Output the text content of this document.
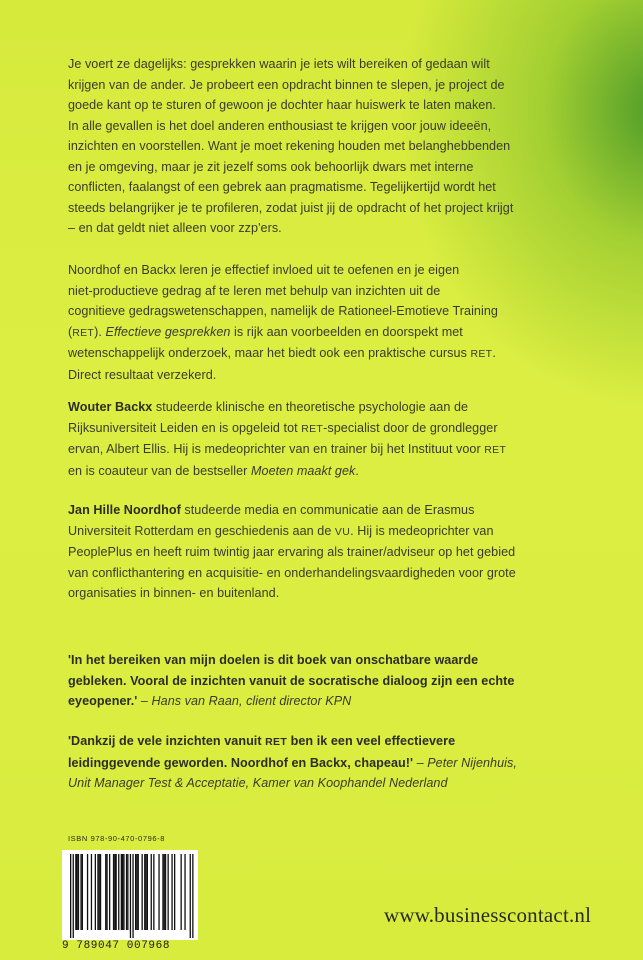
Je voert ze dagelijks: gesprekken waarin je iets wilt bereiken of gedaan wilt
krijgen van de ander. Je probeert een opdracht binnen te slepen, je project de
goede kant op te sturen of gewoon je dochter haar huiswerk te laten maken.
In alle gevallen is het doel anderen enthousiast te krijgen voor jouw ideeën,
inzichten en voorstellen. Want je moet rekening houden met belanghebbenden
en je omgeving, maar je zit jezelf soms ook behoorlijk dwars met interne
conflicten, faalangst of een gebrek aan pragmatisme. Tegelijkertijd wordt het
steeds belangrijker je te profileren, zodat juist jij de opdracht of het project krijgt
– en dat geldt niet alleen voor zzp'ers.
Noordhof en Backx leren je effectief invloed uit te oefenen en je eigen
niet-productieve gedrag af te leren met behulp van inzichten uit de
cognitieve gedragswetenschappen, namelijk de Rationeel-Emotieve Training
(RET). Effectieve gesprekken is rijk aan voorbeelden en doorspekt met
wetenschappelijk onderzoek, maar het biedt ook een praktische cursus RET.
Direct resultaat verzekerd.
Wouter Backx studeerde klinische en theoretische psychologie aan de
Rijksuniversiteit Leiden en is opgeleid tot RET-specialist door de grondlegger
ervan, Albert Ellis. Hij is medeoprichter van en trainer bij het Instituut voor RET
en is coauteur van de bestseller Moeten maakt gek.
Jan Hille Noordhof studeerde media en communicatie aan de Erasmus
Universiteit Rotterdam en geschiedenis aan de VU. Hij is medeoprichter van
PeoplePlus en heeft ruim twintig jaar ervaring als trainer/adviseur op het gebied
van conflicthantering en acquisitie- en onderhandelingsvaardigheden voor grote
organisaties in binnen- en buitenland.
'In het bereiken van mijn doelen is dit boek van onschatbare waarde
gebleken. Vooral de inzichten vanuit de socratische dialoog zijn een echte
eyeopener.' – Hans van Raan, client director KPN
'Dankzij de vele inzichten vanuit RET ben ik een veel effectievere
leidinggevende geworden. Noordhof en Backx, chapeau!' – Peter Nijenhuis,
Unit Manager Test & Acceptatie, Kamer van Koophandel Nederland
ISBN 978-90-470-0796-8
9 789047 007968
www.businesscontact.nl
